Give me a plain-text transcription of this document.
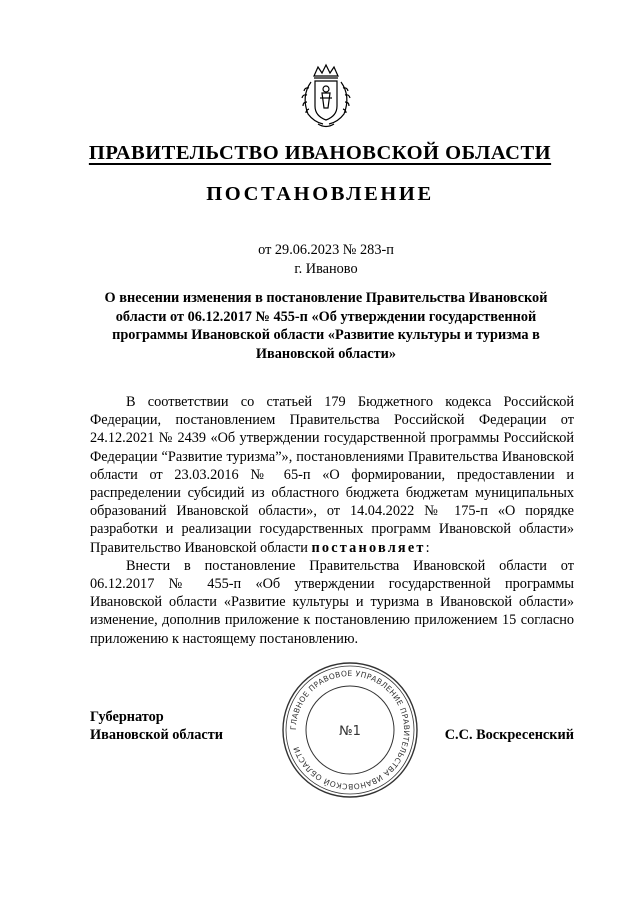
ПРАВИТЕЛЬСТВО ИВАНОВСКОЙ ОБЛАСТИ
ПОСТАНОВЛЕНИЕ
от 29.06.2023 № 283-п
г. Иваново
О внесении изменения в постановление Правительства Ивановской области от 06.12.2017 № 455-п «Об утверждении государственной программы Ивановской области «Развитие культуры и туризма в Ивановской области»

В соответствии со статьей 179 Бюджетного кодекса Российской Федерации, постановлением Правительства Российской Федерации от 24.12.2021 № 2439 «Об утверждении государственной программы Российской Федерации “Развитие туризма”», постановлениями Правительства Ивановской области от 23.03.2016 № 65-п «О формировании, предоставлении и распределении субсидий из областного бюджета бюджетам муниципальных образований Ивановской области», от 14.04.2022 № 175-п «О порядке разработки и реализации государственных программ Ивановской области» Правительство Ивановской области постановляет:

Внести в постановление Правительства Ивановской области от 06.12.2017 № 455-п «Об утверждении государственной программы Ивановской области «Развитие культуры и туризма в Ивановской области» изменение, дополнив приложение к постановлению приложением 15 согласно приложению к настоящему постановлению.

Губернатор
Ивановской области	С.С. Воскресенский
ГЛАВНОЕ ПРАВОВОЕ УПРАВЛЕНИЕ ПРАВИТЕЛЬСТВА ИВАНОВСКОЙ ОБЛАСТИ
№1
